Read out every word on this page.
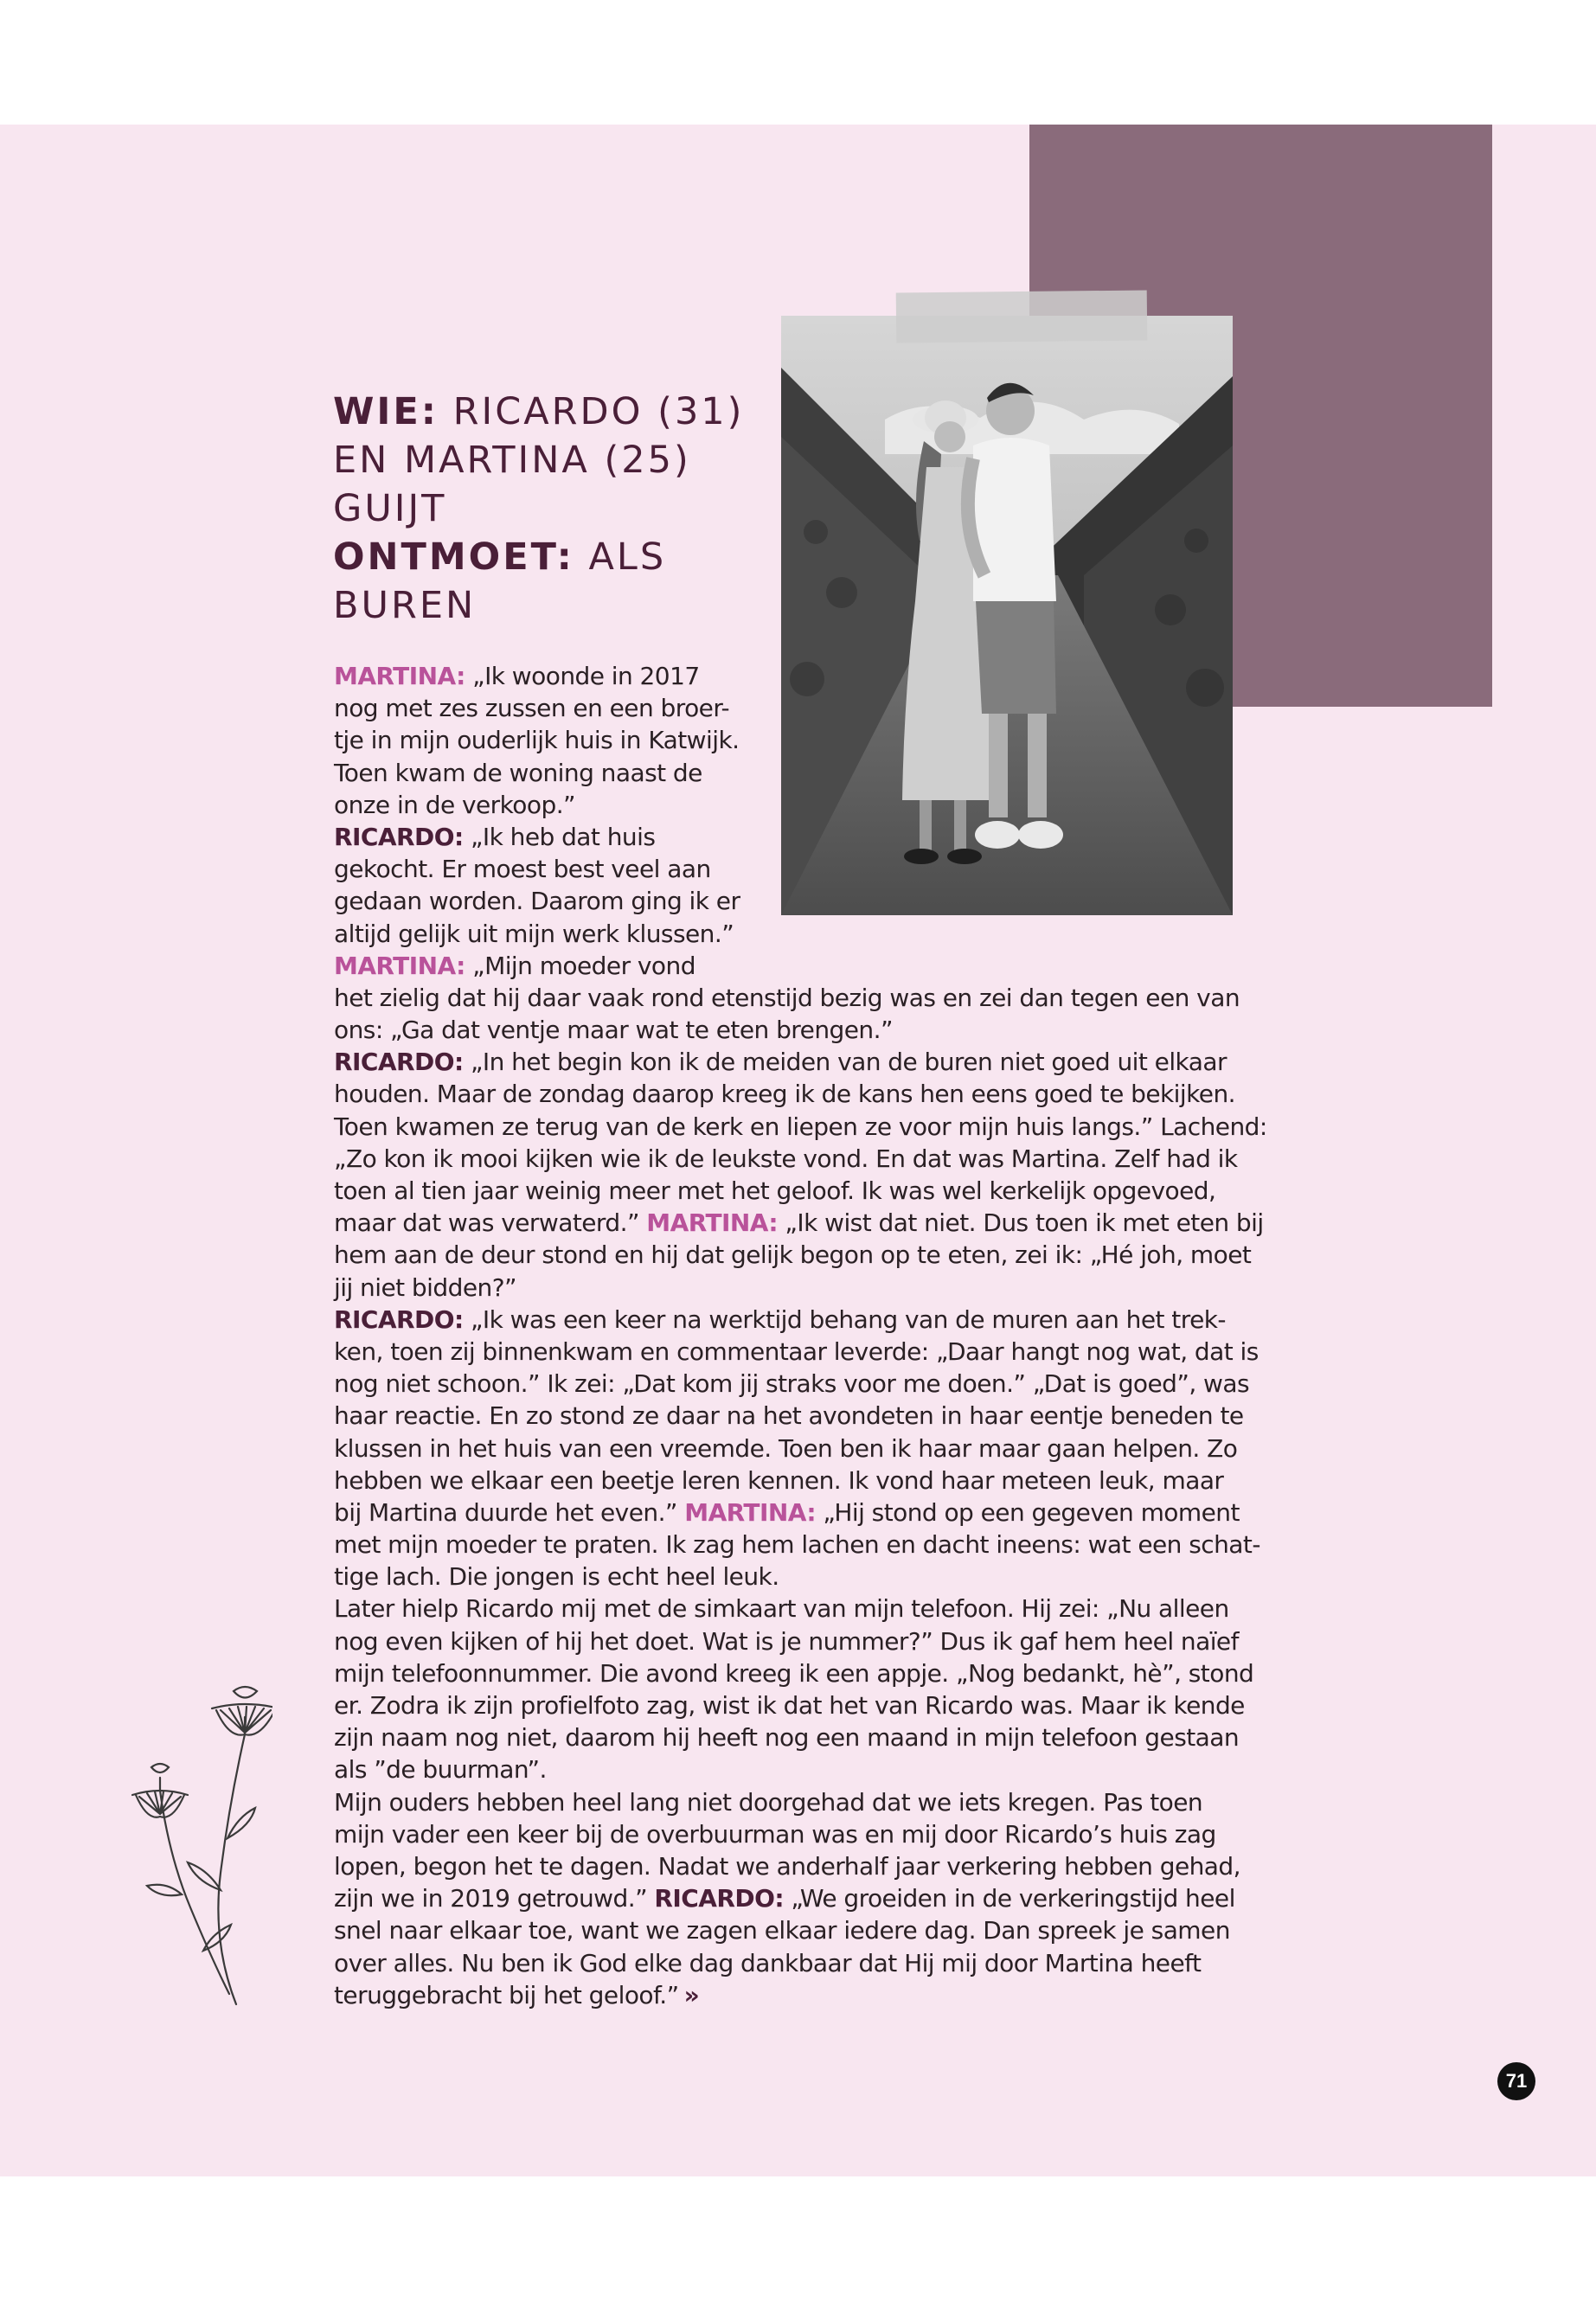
WIE: RICARDO (31)
EN MARTINA (25)
GUIJT
ONTMOET: ALS
BUREN
MARTINA: „Ik woonde in 2017
nog met zes zussen en een broer-
tje in mijn ouderlijk huis in Katwijk.
Toen kwam de woning naast de
onze in de verkoop.”
RICARDO: „Ik heb dat huis
gekocht. Er moest best veel aan
gedaan worden. Daarom ging ik er
altijd gelijk uit mijn werk klussen.”
MARTINA: „Mijn moeder vond
het zielig dat hij daar vaak rond etenstijd bezig was en zei dan tegen een van
ons: „Ga dat ventje maar wat te eten brengen.”
RICARDO: „In het begin kon ik de meiden van de buren niet goed uit elkaar
houden. Maar de zondag daarop kreeg ik de kans hen eens goed te bekijken.
Toen kwamen ze terug van de kerk en liepen ze voor mijn huis langs.” Lachend:
„Zo kon ik mooi kijken wie ik de leukste vond. En dat was Martina. Zelf had ik
toen al tien jaar weinig meer met het geloof. Ik was wel kerkelijk opgevoed,
maar dat was verwaterd.” MARTINA: „Ik wist dat niet. Dus toen ik met eten bij
hem aan de deur stond en hij dat gelijk begon op te eten, zei ik: „Hé joh, moet
jij niet bidden?”
RICARDO: „Ik was een keer na werktijd behang van de muren aan het trek-
ken, toen zij binnenkwam en commentaar leverde: „Daar hangt nog wat, dat is
nog niet schoon.” Ik zei: „Dat kom jij straks voor me doen.” „Dat is goed”, was
haar reactie. En zo stond ze daar na het avondeten in haar eentje beneden te
klussen in het huis van een vreemde. Toen ben ik haar maar gaan helpen. Zo
hebben we elkaar een beetje leren kennen. Ik vond haar meteen leuk, maar
bij Martina duurde het even.” MARTINA: „Hij stond op een gegeven moment
met mijn moeder te praten. Ik zag hem lachen en dacht ineens: wat een schat-
tige lach. Die jongen is echt heel leuk.
Later hielp Ricardo mij met de simkaart van mijn telefoon. Hij zei: „Nu alleen
nog even kijken of hij het doet. Wat is je nummer?” Dus ik gaf hem heel naïef
mijn telefoonnummer. Die avond kreeg ik een appje. „Nog bedankt, hè”, stond
er. Zodra ik zijn profielfoto zag, wist ik dat het van Ricardo was. Maar ik kende
zijn naam nog niet, daarom hij heeft nog een maand in mijn telefoon gestaan
als ”de buurman”.
Mijn ouders hebben heel lang niet doorgehad dat we iets kregen. Pas toen
mijn vader een keer bij de overbuurman was en mij door Ricardo’s huis zag
lopen, begon het te dagen. Nadat we anderhalf jaar verkering hebben gehad,
zijn we in 2019 getrouwd.” RICARDO: „We groeiden in de verkeringstijd heel
snel naar elkaar toe, want we zagen elkaar iedere dag. Dan spreek je samen
over alles. Nu ben ik God elke dag dankbaar dat Hij mij door Martina heeft
teruggebracht bij het geloof.” »
71
